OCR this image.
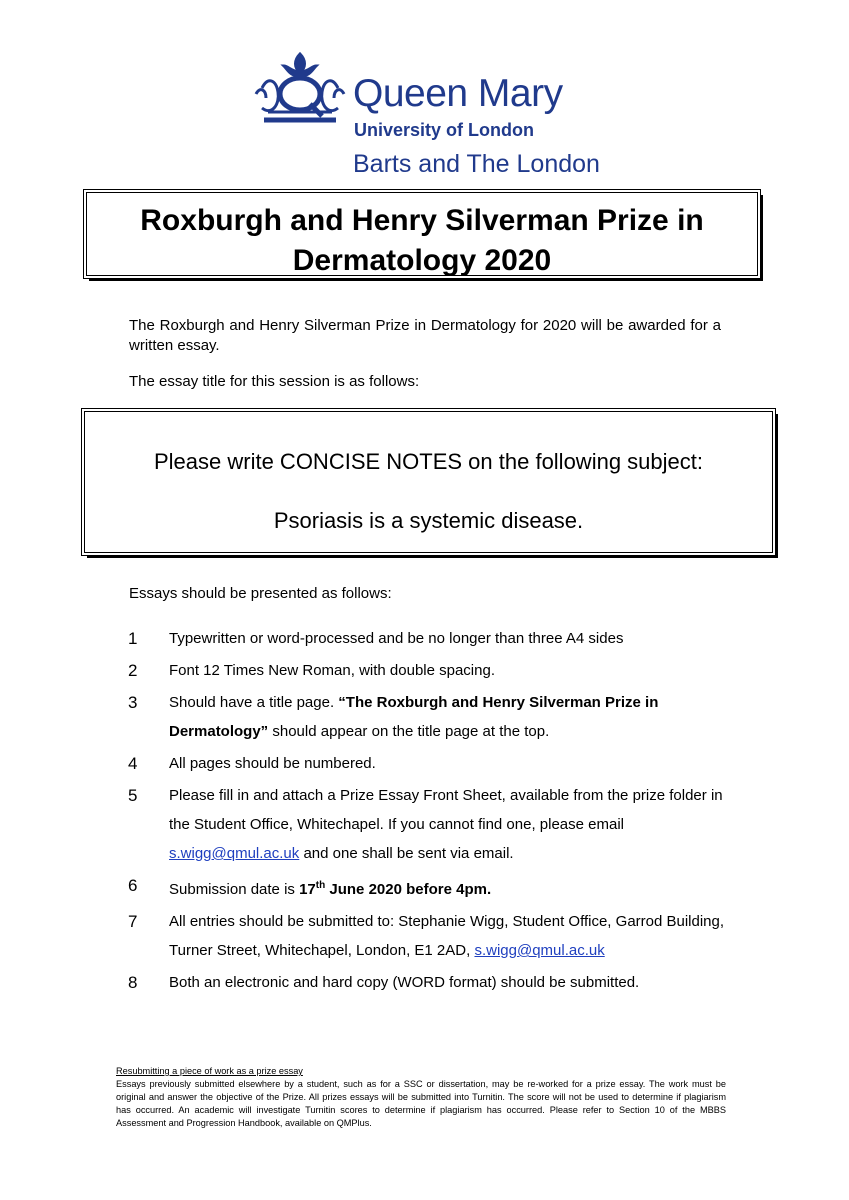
Queen Mary
University of London
Barts and The London
Roxburgh and Henry Silverman Prize in Dermatology 2020
The Roxburgh and Henry Silverman Prize in Dermatology for 2020 will be awarded for a written essay.
The essay title for this session is as follows:
Please write CONCISE NOTES on the following subject:
Psoriasis is a systemic disease.
Essays should be presented as follows:
1 Typewritten or word-processed and be no longer than three A4 sides
2 Font 12 Times New Roman, with double spacing.
3 Should have a title page. “The Roxburgh and Henry Silverman Prize in Dermatology” should appear on the title page at the top.
4 All pages should be numbered.
5 Please fill in and attach a Prize Essay Front Sheet, available from the prize folder in the Student Office, Whitechapel. If you cannot find one, please email s.wigg@qmul.ac.uk and one shall be sent via email.
6 Submission date is 17th June 2020 before 4pm.
7 All entries should be submitted to: Stephanie Wigg, Student Office, Garrod Building, Turner Street, Whitechapel, London, E1 2AD, s.wigg@qmul.ac.uk
8 Both an electronic and hard copy (WORD format) should be submitted.
Resubmitting a piece of work as a prize essay
Essays previously submitted elsewhere by a student, such as for a SSC or dissertation, may be re-worked for a prize essay. The work must be original and answer the objective of the Prize. All prizes essays will be submitted into Turnitin. The score will not be used to determine if plagiarism has occurred. An academic will investigate Turnitin scores to determine if plagiarism has occurred. Please refer to Section 10 of the MBBS Assessment and Progression Handbook, available on QMPlus.
